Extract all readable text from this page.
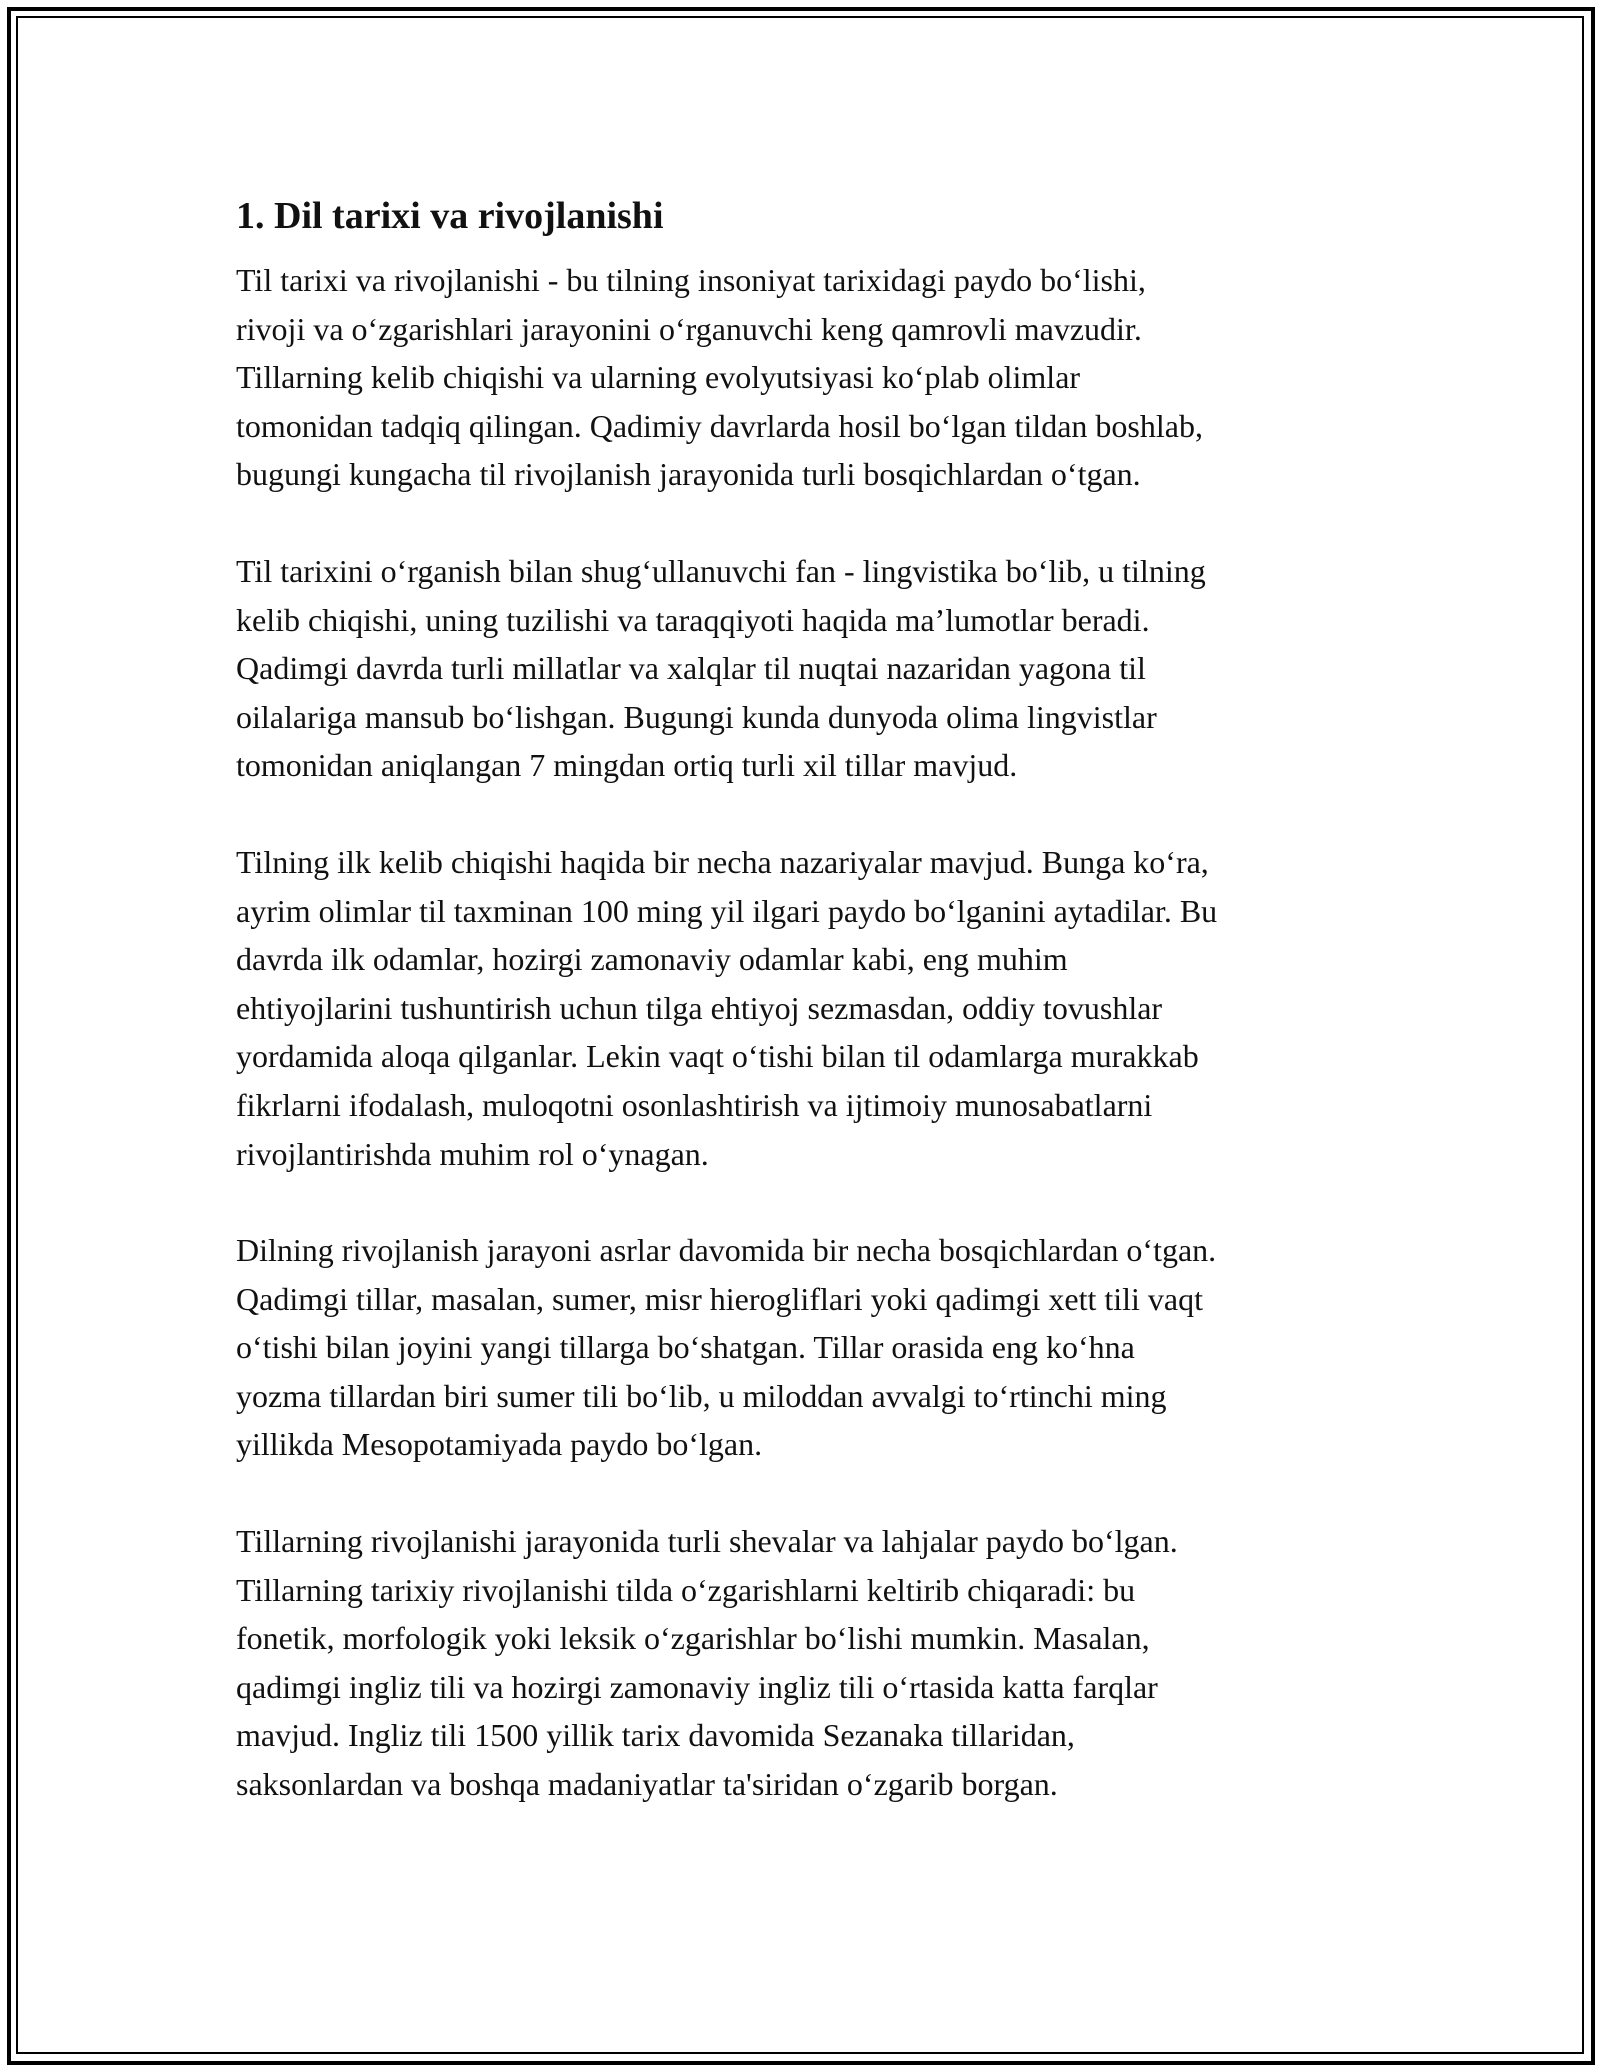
1. Dil tarixi va rivojlanishi
Til tarixi va rivojlanishi - bu tilning insoniyat tarixidagi paydo bo‘lishi,
rivoji va o‘zgarishlari jarayonini o‘rganuvchi keng qamrovli mavzudir.
Tillarning kelib chiqishi va ularning evolyutsiyasi ko‘plab olimlar
tomonidan tadqiq qilingan. Qadimiy davrlarda hosil bo‘lgan tildan boshlab,
bugungi kungacha til rivojlanish jarayonida turli bosqichlardan o‘tgan.
Til tarixini o‘rganish bilan shug‘ullanuvchi fan - lingvistika bo‘lib, u tilning
kelib chiqishi, uning tuzilishi va taraqqiyoti haqida ma’lumotlar beradi.
Qadimgi davrda turli millatlar va xalqlar til nuqtai nazaridan yagona til
oilalariga mansub bo‘lishgan. Bugungi kunda dunyoda olima lingvistlar
tomonidan aniqlangan 7 mingdan ortiq turli xil tillar mavjud.
Tilning ilk kelib chiqishi haqida bir necha nazariyalar mavjud. Bunga ko‘ra,
ayrim olimlar til taxminan 100 ming yil ilgari paydo bo‘lganini aytadilar. Bu
davrda ilk odamlar, hozirgi zamonaviy odamlar kabi, eng muhim
ehtiyojlarini tushuntirish uchun tilga ehtiyoj sezmasdan, oddiy tovushlar
yordamida aloqa qilganlar. Lekin vaqt o‘tishi bilan til odamlarga murakkab
fikrlarni ifodalash, muloqotni osonlashtirish va ijtimoiy munosabatlarni
rivojlantirishda muhim rol o‘ynagan.
Dilning rivojlanish jarayoni asrlar davomida bir necha bosqichlardan o‘tgan.
Qadimgi tillar, masalan, sumer, misr hierogliflari yoki qadimgi xett tili vaqt
o‘tishi bilan joyini yangi tillarga bo‘shatgan. Tillar orasida eng ko‘hna
yozma tillardan biri sumer tili bo‘lib, u miloddan avvalgi to‘rtinchi ming
yillikda Mesopotamiyada paydo bo‘lgan.
Tillarning rivojlanishi jarayonida turli shevalar va lahjalar paydo bo‘lgan.
Tillarning tarixiy rivojlanishi tilda o‘zgarishlarni keltirib chiqaradi: bu
fonetik, morfologik yoki leksik o‘zgarishlar bo‘lishi mumkin. Masalan,
qadimgi ingliz tili va hozirgi zamonaviy ingliz tili o‘rtasida katta farqlar
mavjud. Ingliz tili 1500 yillik tarix davomida Sezanaka tillaridan,
saksonlardan va boshqa madaniyatlar ta'siridan o‘zgarib borgan.
